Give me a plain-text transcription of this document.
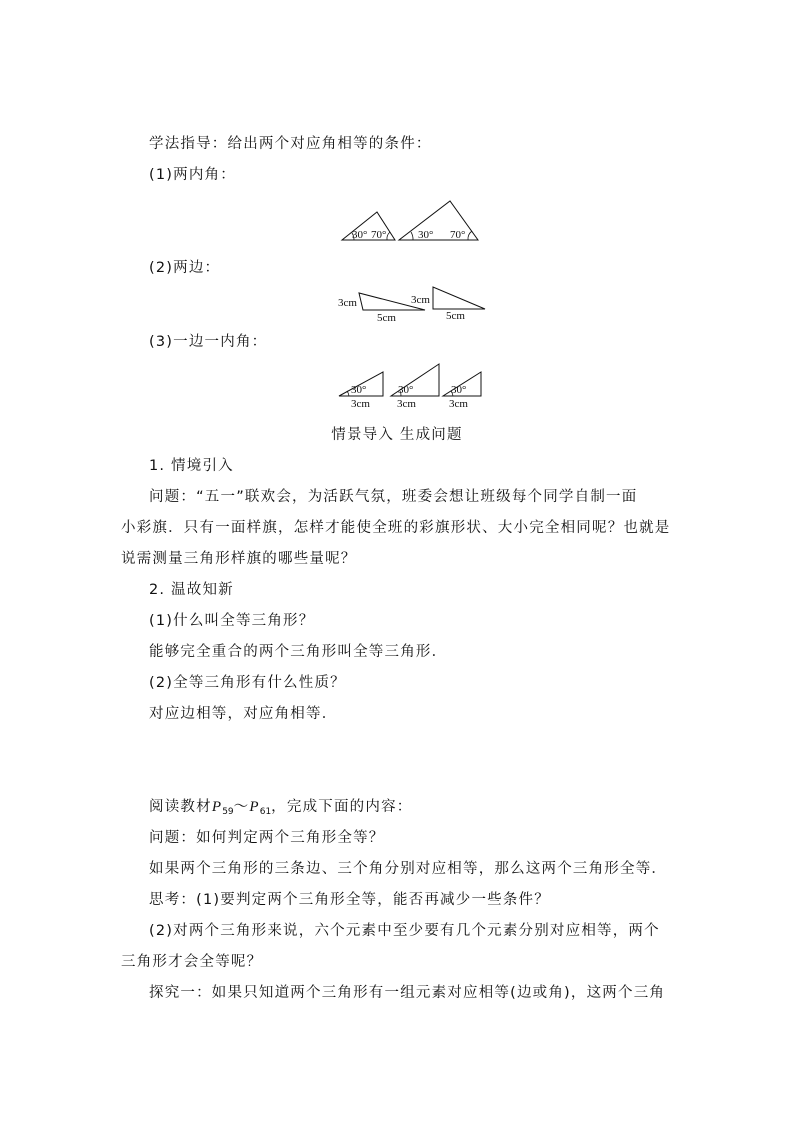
学法指导：给出两个对应角相等的条件：
(1)两内角：
30° 70°	30° 70°
(2)两边：
3cm
5cm
3cm
5cm
(3)一边一内角：
30°
3cm
30°
3cm
30°
3cm
情景导入 生成问题
1. 情境引入
问题：“五一”联欢会，为活跃气氛，班委会想让班级每个同学自制一面
小彩旗．只有一面样旗，怎样才能使全班的彩旗形状、大小完全相同呢？也就是
说需测量三角形样旗的哪些量呢？
2. 温故知新
(1)什么叫全等三角形？
能够完全重合的两个三角形叫全等三角形．
(2)全等三角形有什么性质？
对应边相等，对应角相等．
阅读教材$P_{59}\sim P_{61}$，完成下面的内容：
问题：如何判定两个三角形全等？
如果两个三角形的三条边、三个角分别对应相等，那么这两个三角形全等．
思考：(1)要判定两个三角形全等，能否再减少一些条件？
(2)对两个三角形来说，六个元素中至少要有几个元素分别对应相等，两个
三角形才会全等呢？
探究一：如果只知道两个三角形有一组元素对应相等(边或角)，这两个三角
